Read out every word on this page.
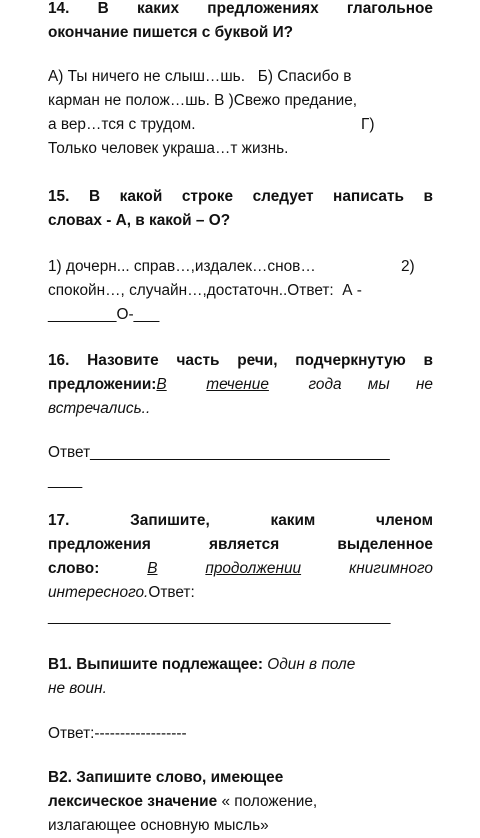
14. В каких предложениях глагольное
окончание пишется с буквой И?
А) Ты ничего не слыш…шь.   Б) Спасибо в
карман не полож…шь. В )Свежо предание,
а вер…тся с трудом.	Г)
Только человек украша…т жизнь.
15. В какой строке следует написать в
словах - А, в какой – О?
1) дочерн... справ…,издалек…снов…	2)
спокойн…, случайн…,достаточн..Ответ:  А -
________О-___
16. Назовите часть речи, подчеркнутую в
предложении:В	течение	года мы не
встречались..
Ответ___________________________________
____
17.	Запишите,	каким	членом
предложения	является	выделенное
слово:	В	продолжении	книгимного
интересного.Ответ:
________________________________________
В1. Выпишите подлежащее: Один в поле
не воин.
Ответ:------------------
В2. Запишите слово, имеющее
лексическое значение « положение,
излагающее основную мысль»
